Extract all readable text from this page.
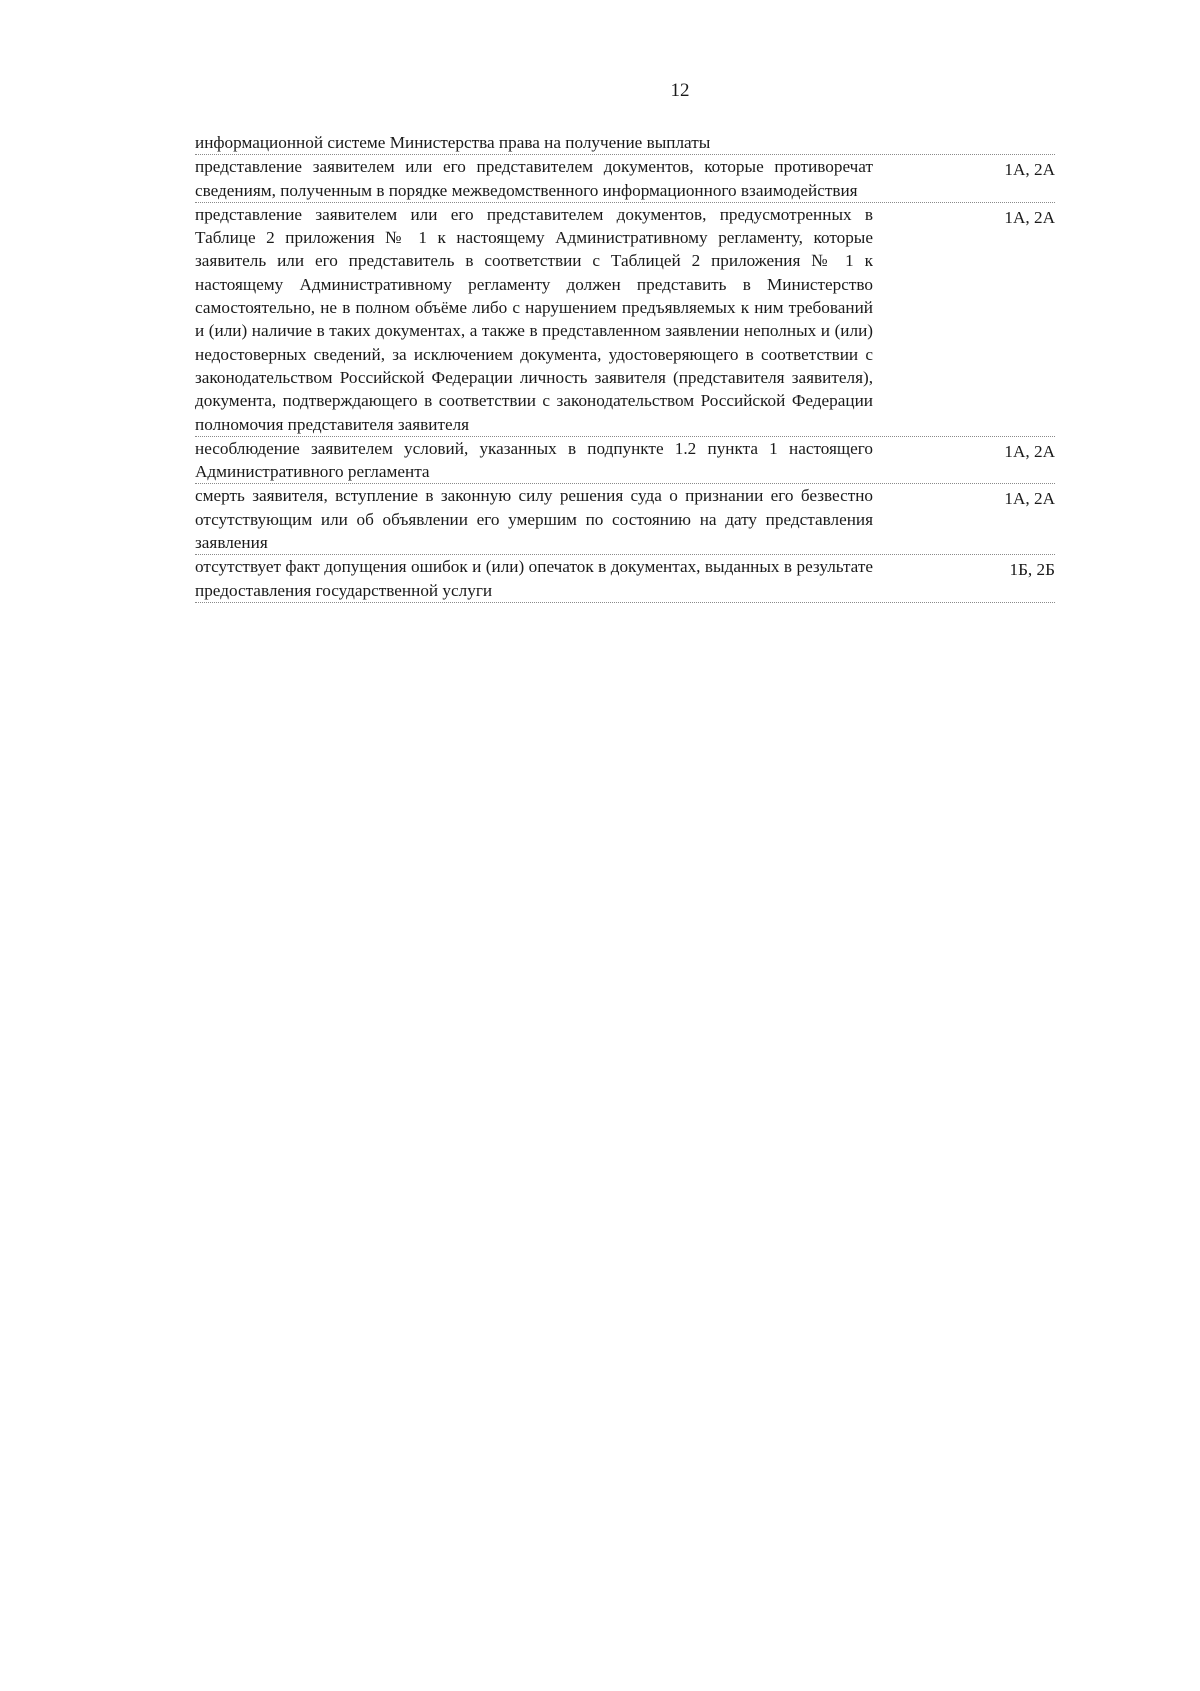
12
информационной системе Министерства права на получение выплаты
представление заявителем или его представителем документов, которые противоречат сведениям, полученным в порядке межведомственного информационного взаимодействия
1А, 2А
представление заявителем или его представителем документов, предусмотренных в Таблице 2 приложения № 1 к настоящему Административному регламенту, которые заявитель или его представитель в соответствии с Таблицей 2 приложения № 1 к настоящему Административному регламенту должен представить в Министерство самостоятельно, не в полном объёме либо с нарушением предъявляемых к ним требований и (или) наличие в таких документах, а также в представленном заявлении неполных и (или) недостоверных сведений, за исключением документа, удостоверяющего в соответствии с законодательством Российской Федерации личность заявителя (представителя заявителя), документа, подтверждающего в соответствии с законодательством Российской Федерации полномочия представителя заявителя
1А, 2А
несоблюдение заявителем условий, указанных в подпункте 1.2 пункта 1 настоящего Административного регламента
1А, 2А
смерть заявителя, вступление в законную силу решения суда о признании его безвестно отсутствующим или об объявлении его умершим по состоянию на дату представления заявления
1А, 2А
отсутствует факт допущения ошибок и (или) опечаток в документах, выданных в результате предоставления государственной услуги
1Б, 2Б
